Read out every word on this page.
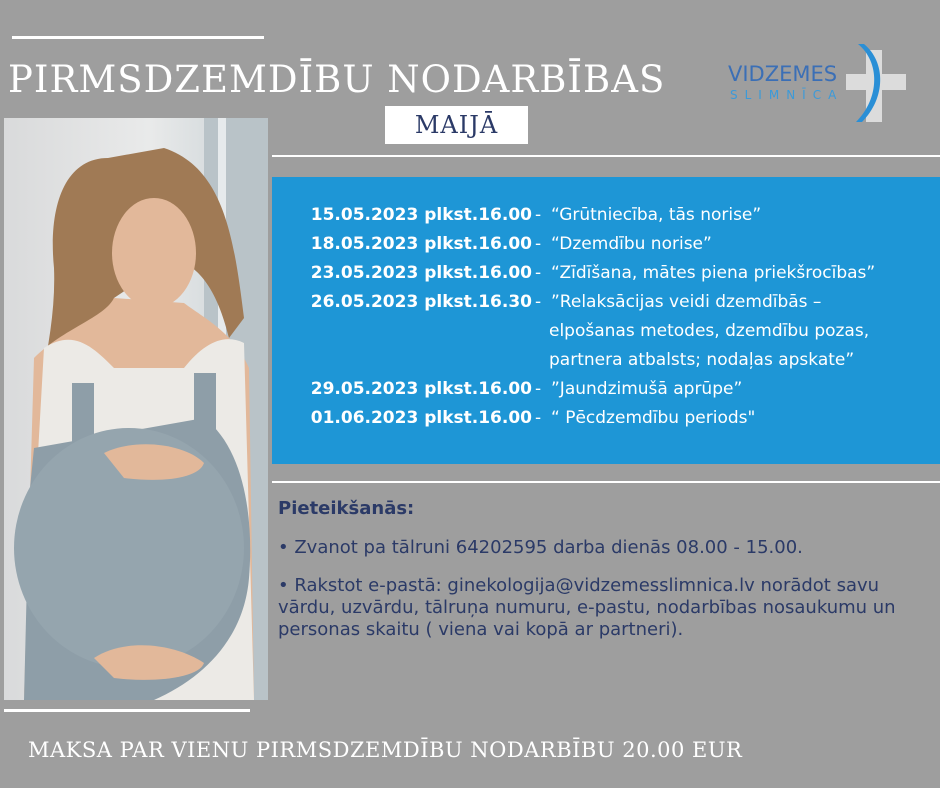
PIRMSDZEMDĪBU NODARBĪBAS
MAIJĀ
VIDZEMES
SLIMNĪCA
15.05.2023 plkst.16.00 - “Grūtniecība, tās norise”
18.05.2023 plkst.16.00 - “Dzemdību norise”
23.05.2023 plkst.16.00 - “Zīdīšana, mātes piena priekšrocības”
26.05.2023 plkst.16.30 - ”Relaksācijas veidi dzemdībās –
elpošanas metodes, dzemdību pozas,
partnera atbalsts; nodaļas apskate”
29.05.2023 plkst.16.00 - ”Jaundzimušā aprūpe”
01.06.2023 plkst.16.00 - “ Pēcdzemdību periods"
Pieteikšanās:

• Zvanot pa tālruni 64202595 darba dienās 08.00 - 15.00.

• Rakstot e-pastā: ginekologija@vidzemesslimnica.lv norādot savu vārdu, uzvārdu, tālruņa numuru, e-pastu, nodarbības nosaukumu un personas skaitu ( viena vai kopā ar partneri).

MAKSA PAR VIENU PIRMSDZEMDĪBU NODARBĪBU 20.00 EUR
